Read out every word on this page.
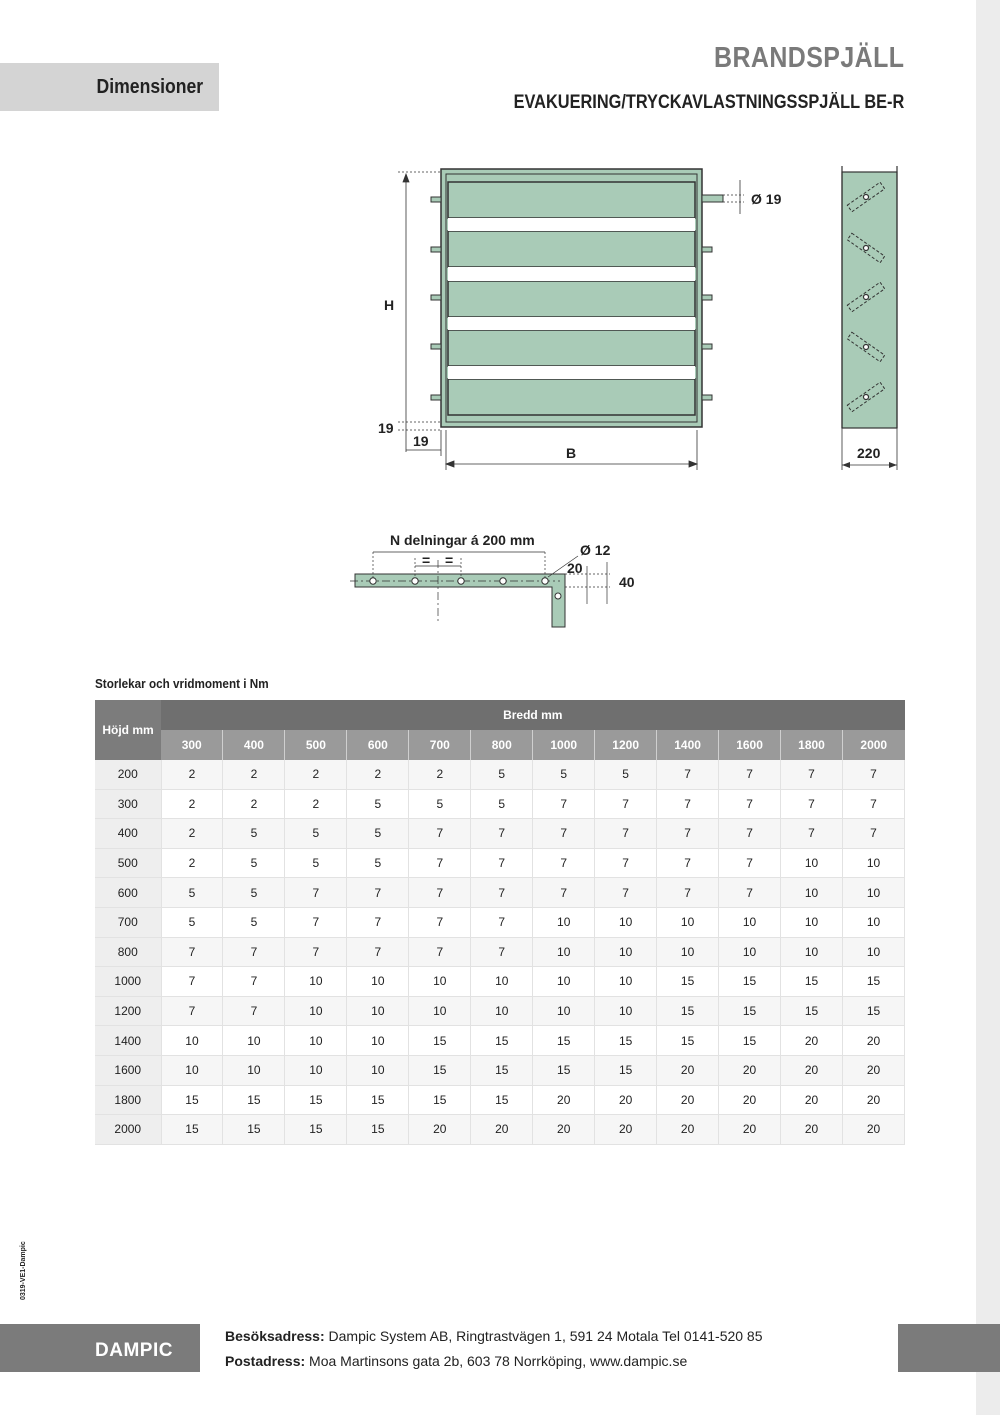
Dimensioner
BRANDSPJÄLL
EVAKUERING/TRYCKAVLASTNINGSSPJÄLL BE-R
H
19
19
B
Ø 19
220
N delningar á 200 mm
= =
Ø 12
20
40
Storlekar och vridmoment i Nm
Höjd mm	Bredd mm											
	300	400	500	600	700	800	1000	1200	1400	1600	1800	2000
200	2	2	2	2	2	5	5	5	7	7	7	7
300	2	2	2	5	5	5	7	7	7	7	7	7
400	2	5	5	5	7	7	7	7	7	7	7	7
500	2	5	5	5	7	7	7	7	7	7	10	10
600	5	5	7	7	7	7	7	7	7	7	10	10
700	5	5	7	7	7	7	10	10	10	10	10	10
800	7	7	7	7	7	7	10	10	10	10	10	10
1000	7	7	10	10	10	10	10	10	15	15	15	15
1200	7	7	10	10	10	10	10	10	15	15	15	15
1400	10	10	10	10	15	15	15	15	15	15	20	20
1600	10	10	10	10	15	15	15	15	20	20	20	20
1800	15	15	15	15	15	15	20	20	20	20	20	20
2000	15	15	15	15	20	20	20	20	20	20	20	20
0319-VE1-Dampic
DAMPIC
Besöksadress: Dampic System AB, Ringtrastvägen 1, 591 24 Motala Tel 0141-520 85
Postadress: Moa Martinsons gata 2b, 603 78 Norrköping, www.dampic.se
